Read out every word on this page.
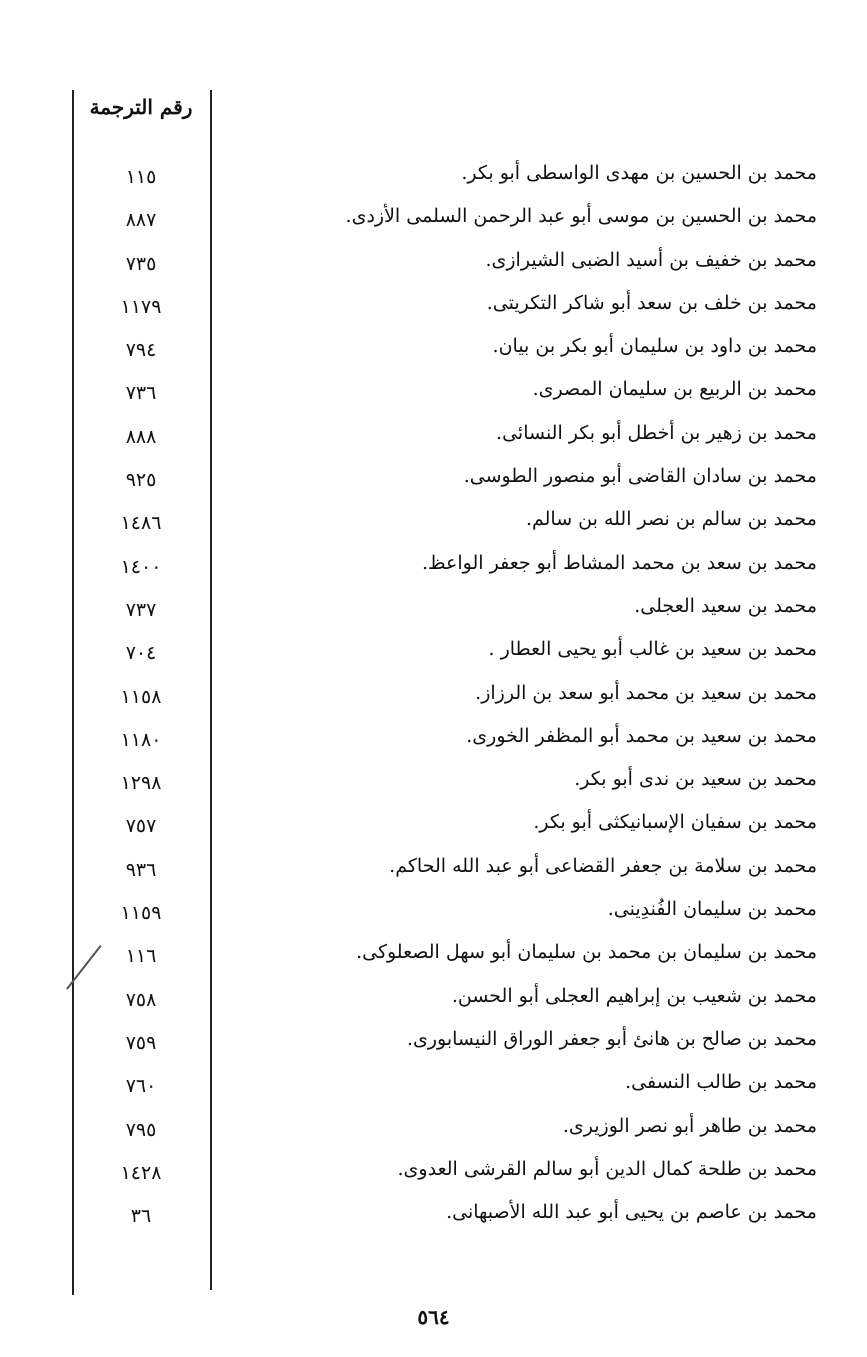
رقم الترجمة
محمد بن الحسين بن مهدى الواسطى أبو بكر.
١١٥
محمد بن الحسين بن موسى أبو عبد الرحمن السلمى الأزدى.
٨٨٧
محمد بن خفيف بن أسيد الضبى الشيرازى.
٧٣٥
محمد بن خلف بن سعد أبو شاكر التكريتى.
١١٧٩
محمد بن داود بن سليمان أبو بكر بن بيان.
٧٩٤
محمد بن الربيع بن سليمان المصرى.
٧٣٦
محمد بن زهير بن أخطل أبو بكر النسائى.
٨٨٨
محمد بن سادان القاضى أبو منصور الطوسى.
٩٢٥
محمد بن سالم بن نصر الله بن سالم.
١٤٨٦
محمد بن سعد بن محمد المشاط أبو جعفر الواعظ.
١٤٠٠
محمد بن سعيد العجلى.
٧٣٧
محمد بن سعيد بن غالب أبو يحيى العطار .
٧٠٤
محمد بن سعيد بن محمد أبو سعد بن الرزاز.
١١٥٨
محمد بن سعيد بن محمد أبو المظفر الخورى.
١١٨٠
محمد بن سعيد بن ندى أبو بكر.
١٢٩٨
محمد بن سفيان الإسبانيكثى أبو بكر.
٧٥٧
محمد بن سلامة بن جعفر القضاعى أبو عبد الله الحاكم.
٩٣٦
محمد بن سليمان الفُندِينى.
١١٥٩
محمد بن سليمان بن محمد بن سليمان أبو سهل الصعلوكى.
١١٦
محمد بن شعيب بن إبراهيم العجلى أبو الحسن.
٧٥٨
محمد بن صالح بن هانئ أبو جعفر الوراق النيسابورى.
٧٥٩
محمد بن طالب النسفى.
٧٦٠
محمد بن طاهر أبو نصر الوزيرى.
٧٩٥
محمد بن طلحة كمال الدين أبو سالم القرشى العدوى.
١٤٢٨
محمد بن عاصم بن يحيى أبو عبد الله الأصبهانى.
٣٦
٥٦٤
